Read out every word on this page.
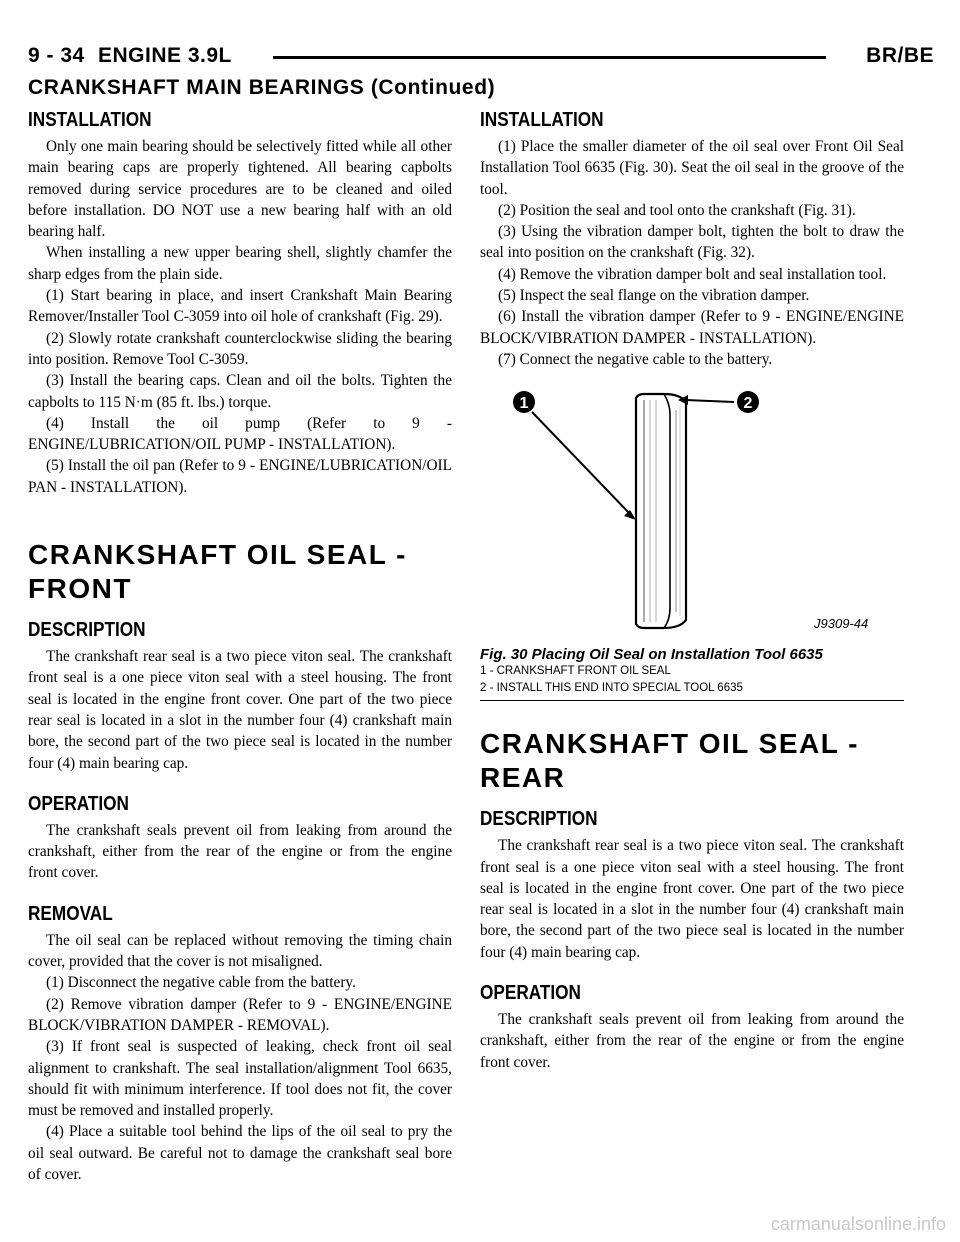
9 - 34 ENGINE 3.9L	BR/BE
CRANKSHAFT MAIN BEARINGS (Continued)
INSTALLATION

Only one main bearing should be selectively fitted while all other main bearing caps are properly tightened. All bearing capbolts removed during service procedures are to be cleaned and oiled before installation. DO NOT use a new bearing half with an old bearing half.

When installing a new upper bearing shell, slightly chamfer the sharp edges from the plain side.

(1) Start bearing in place, and insert Crankshaft Main Bearing Remover/Installer Tool C-3059 into oil hole of crankshaft (Fig. 29).

(2) Slowly rotate crankshaft counterclockwise sliding the bearing into position. Remove Tool C-3059.

(3) Install the bearing caps. Clean and oil the bolts. Tighten the capbolts to 115 N·m (85 ft. lbs.) torque.

(4) Install the oil pump (Refer to 9 - ENGINE/LUBRICATION/OIL PUMP - INSTALLATION).

(5) Install the oil pan (Refer to 9 - ENGINE/LUBRICATION/OIL PAN - INSTALLATION).

CRANKSHAFT OIL SEAL - FRONT
DESCRIPTION

The crankshaft rear seal is a two piece viton seal. The crankshaft front seal is a one piece viton seal with a steel housing. The front seal is located in the engine front cover. One part of the two piece rear seal is located in a slot in the number four (4) crankshaft main bore, the second part of the two piece seal is located in the number four (4) main bearing cap.

OPERATION

The crankshaft seals prevent oil from leaking from around the crankshaft, either from the rear of the engine or from the engine front cover.

REMOVAL

The oil seal can be replaced without removing the timing chain cover, provided that the cover is not misaligned.

(1) Disconnect the negative cable from the battery.

(2) Remove vibration damper (Refer to 9 - ENGINE/ENGINE BLOCK/VIBRATION DAMPER - REMOVAL).

(3) If front seal is suspected of leaking, check front oil seal alignment to crankshaft. The seal installation/alignment Tool 6635, should fit with minimum interference. If tool does not fit, the cover must be removed and installed properly.

(4) Place a suitable tool behind the lips of the oil seal to pry the oil seal outward. Be careful not to damage the crankshaft seal bore of cover.

INSTALLATION

(1) Place the smaller diameter of the oil seal over Front Oil Seal Installation Tool 6635 (Fig. 30). Seat the oil seal in the groove of the tool.

(2) Position the seal and tool onto the crankshaft (Fig. 31).

(3) Using the vibration damper bolt, tighten the bolt to draw the seal into position on the crankshaft (Fig. 32).

(4) Remove the vibration damper bolt and seal installation tool.

(5) Inspect the seal flange on the vibration damper.

(6) Install the vibration damper (Refer to 9 - ENGINE/ENGINE BLOCK/VIBRATION DAMPER - INSTALLATION).

(7) Connect the negative cable to the battery.

1	2
J9309-44
Fig. 30 Placing Oil Seal on Installation Tool 6635
1 - CRANKSHAFT FRONT OIL SEAL
2 - INSTALL THIS END INTO SPECIAL TOOL 6635
CRANKSHAFT OIL SEAL - REAR
DESCRIPTION

The crankshaft rear seal is a two piece viton seal. The crankshaft front seal is a one piece viton seal with a steel housing. The front seal is located in the engine front cover. One part of the two piece rear seal is located in a slot in the number four (4) crankshaft main bore, the second part of the two piece seal is located in the number four (4) main bearing cap.

OPERATION

The crankshaft seals prevent oil from leaking from around the crankshaft, either from the rear of the engine or from the engine front cover.

carmanualsonline.info
